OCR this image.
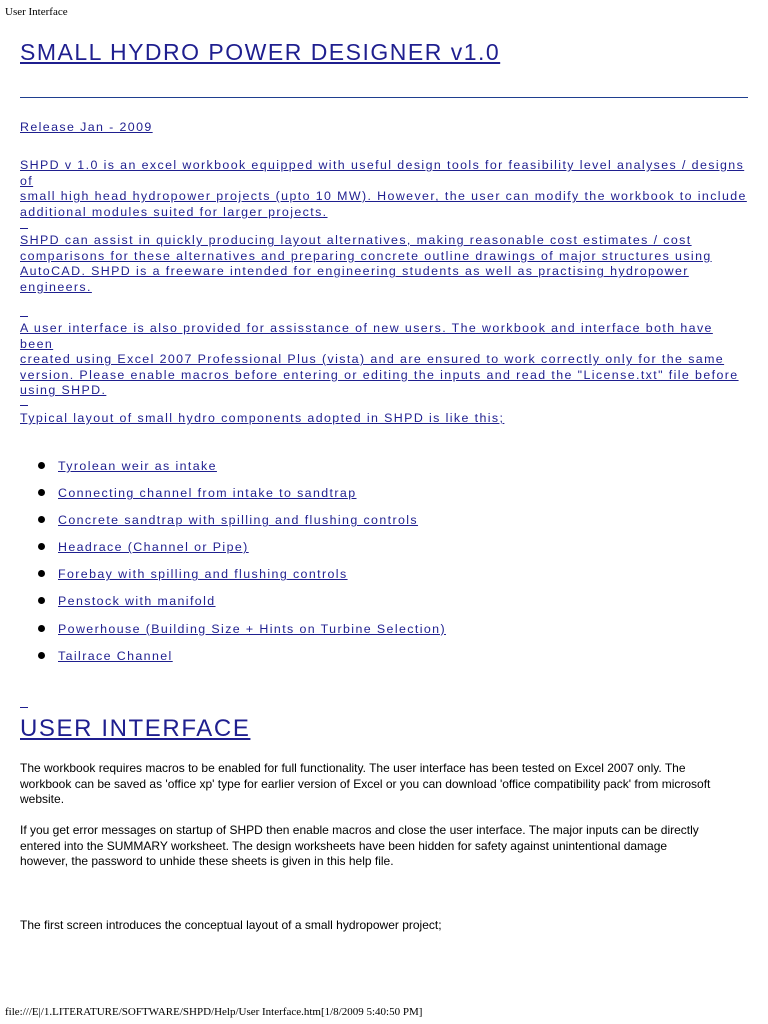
User Interface
SMALL HYDRO POWER DESIGNER v1.0
Release Jan - 2009
SHPD v 1.0 is an excel workbook equipped with useful design tools for feasibility level analyses / designs of
small high head hydropower projects (upto 10 MW). However, the user can modify the workbook to include
additional modules suited for larger projects.
SHPD can assist in quickly producing layout alternatives, making reasonable cost estimates / cost
comparisons for these alternatives and preparing concrete outline drawings of major structures using
AutoCAD. SHPD is a freeware intended for engineering students as well as practising hydropower
engineers.
A user interface is also provided for assisstance of new users. The workbook and interface both have been
created using Excel 2007 Professional Plus (vista) and are ensured to work correctly only for the same
version. Please enable macros before entering or editing the inputs and read the "License.txt" file before
using SHPD.
Typical layout of small hydro components adopted in SHPD is like this;
Tyrolean weir as intake
Connecting channel from intake to sandtrap
Concrete sandtrap with spilling and flushing controls
Headrace (Channel or Pipe)
Forebay with spilling and flushing controls
Penstock with manifold
Powerhouse (Building Size + Hints on Turbine Selection)
Tailrace Channel
USER INTERFACE
The workbook requires macros to be enabled for full functionality. The user interface has been tested on Excel 2007 only. The
workbook can be saved as 'office xp' type for earlier version of Excel or you can download 'office compatibility pack' from microsoft
website.
If you get error messages on startup of SHPD then enable macros and close the user interface. The major inputs can be directly
entered into the SUMMARY worksheet. The design worksheets have been hidden for safety against unintentional damage
however, the password to unhide these sheets is given in this help file.
The first screen introduces the conceptual layout of a small hydropower project;
file:///E|/1.LITERATURE/SOFTWARE/SHPD/Help/User Interface.htm[1/8/2009 5:40:50 PM]
